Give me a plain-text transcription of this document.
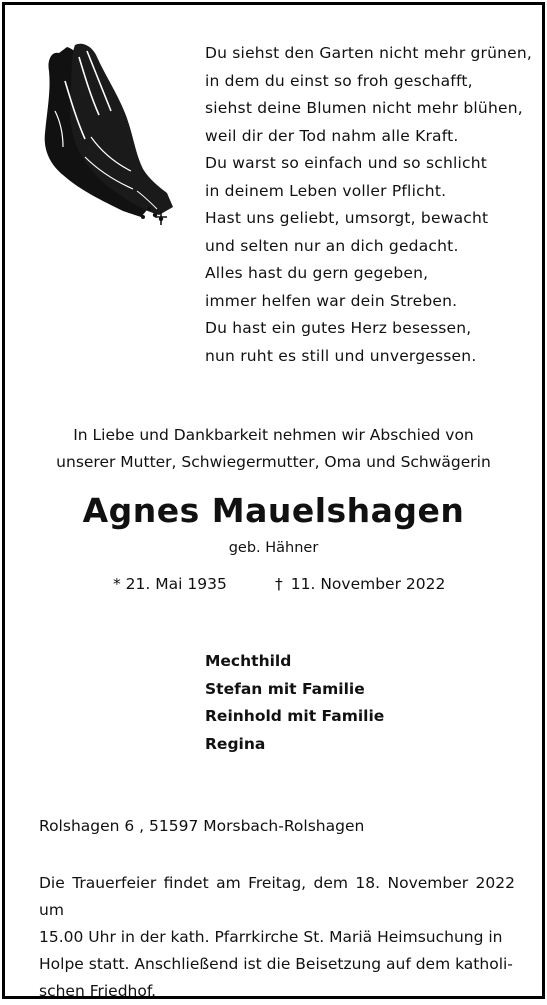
Du siehst den Garten nicht mehr grünen,
in dem du einst so froh geschafft,
siehst deine Blumen nicht mehr blühen,
weil dir der Tod nahm alle Kraft.
Du warst so einfach und so schlicht
in deinem Leben voller Pflicht.
Hast uns geliebt, umsorgt, bewacht
und selten nur an dich gedacht.
Alles hast du gern gegeben,
immer helfen war dein Streben.
Du hast ein gutes Herz besessen,
nun ruht es still und unvergessen.
In Liebe und Dankbarkeit nehmen wir Abschied von
unserer Mutter, Schwiegermutter, Oma und Schwägerin
Agnes Mauelshagen
geb. Hähner
* 21. Mai 1935	† 11. November 2022
Mechthild
Stefan mit Familie
Reinhold mit Familie
Regina
Rolshagen 6 , 51597 Morsbach-Rolshagen
Die Trauerfeier findet am Freitag, dem 18. November 2022 um
15.00 Uhr in der kath. Pfarrkirche St. Mariä Heimsuchung in
Holpe statt. Anschließend ist die Beisetzung auf dem katholi-
schen Friedhof.
